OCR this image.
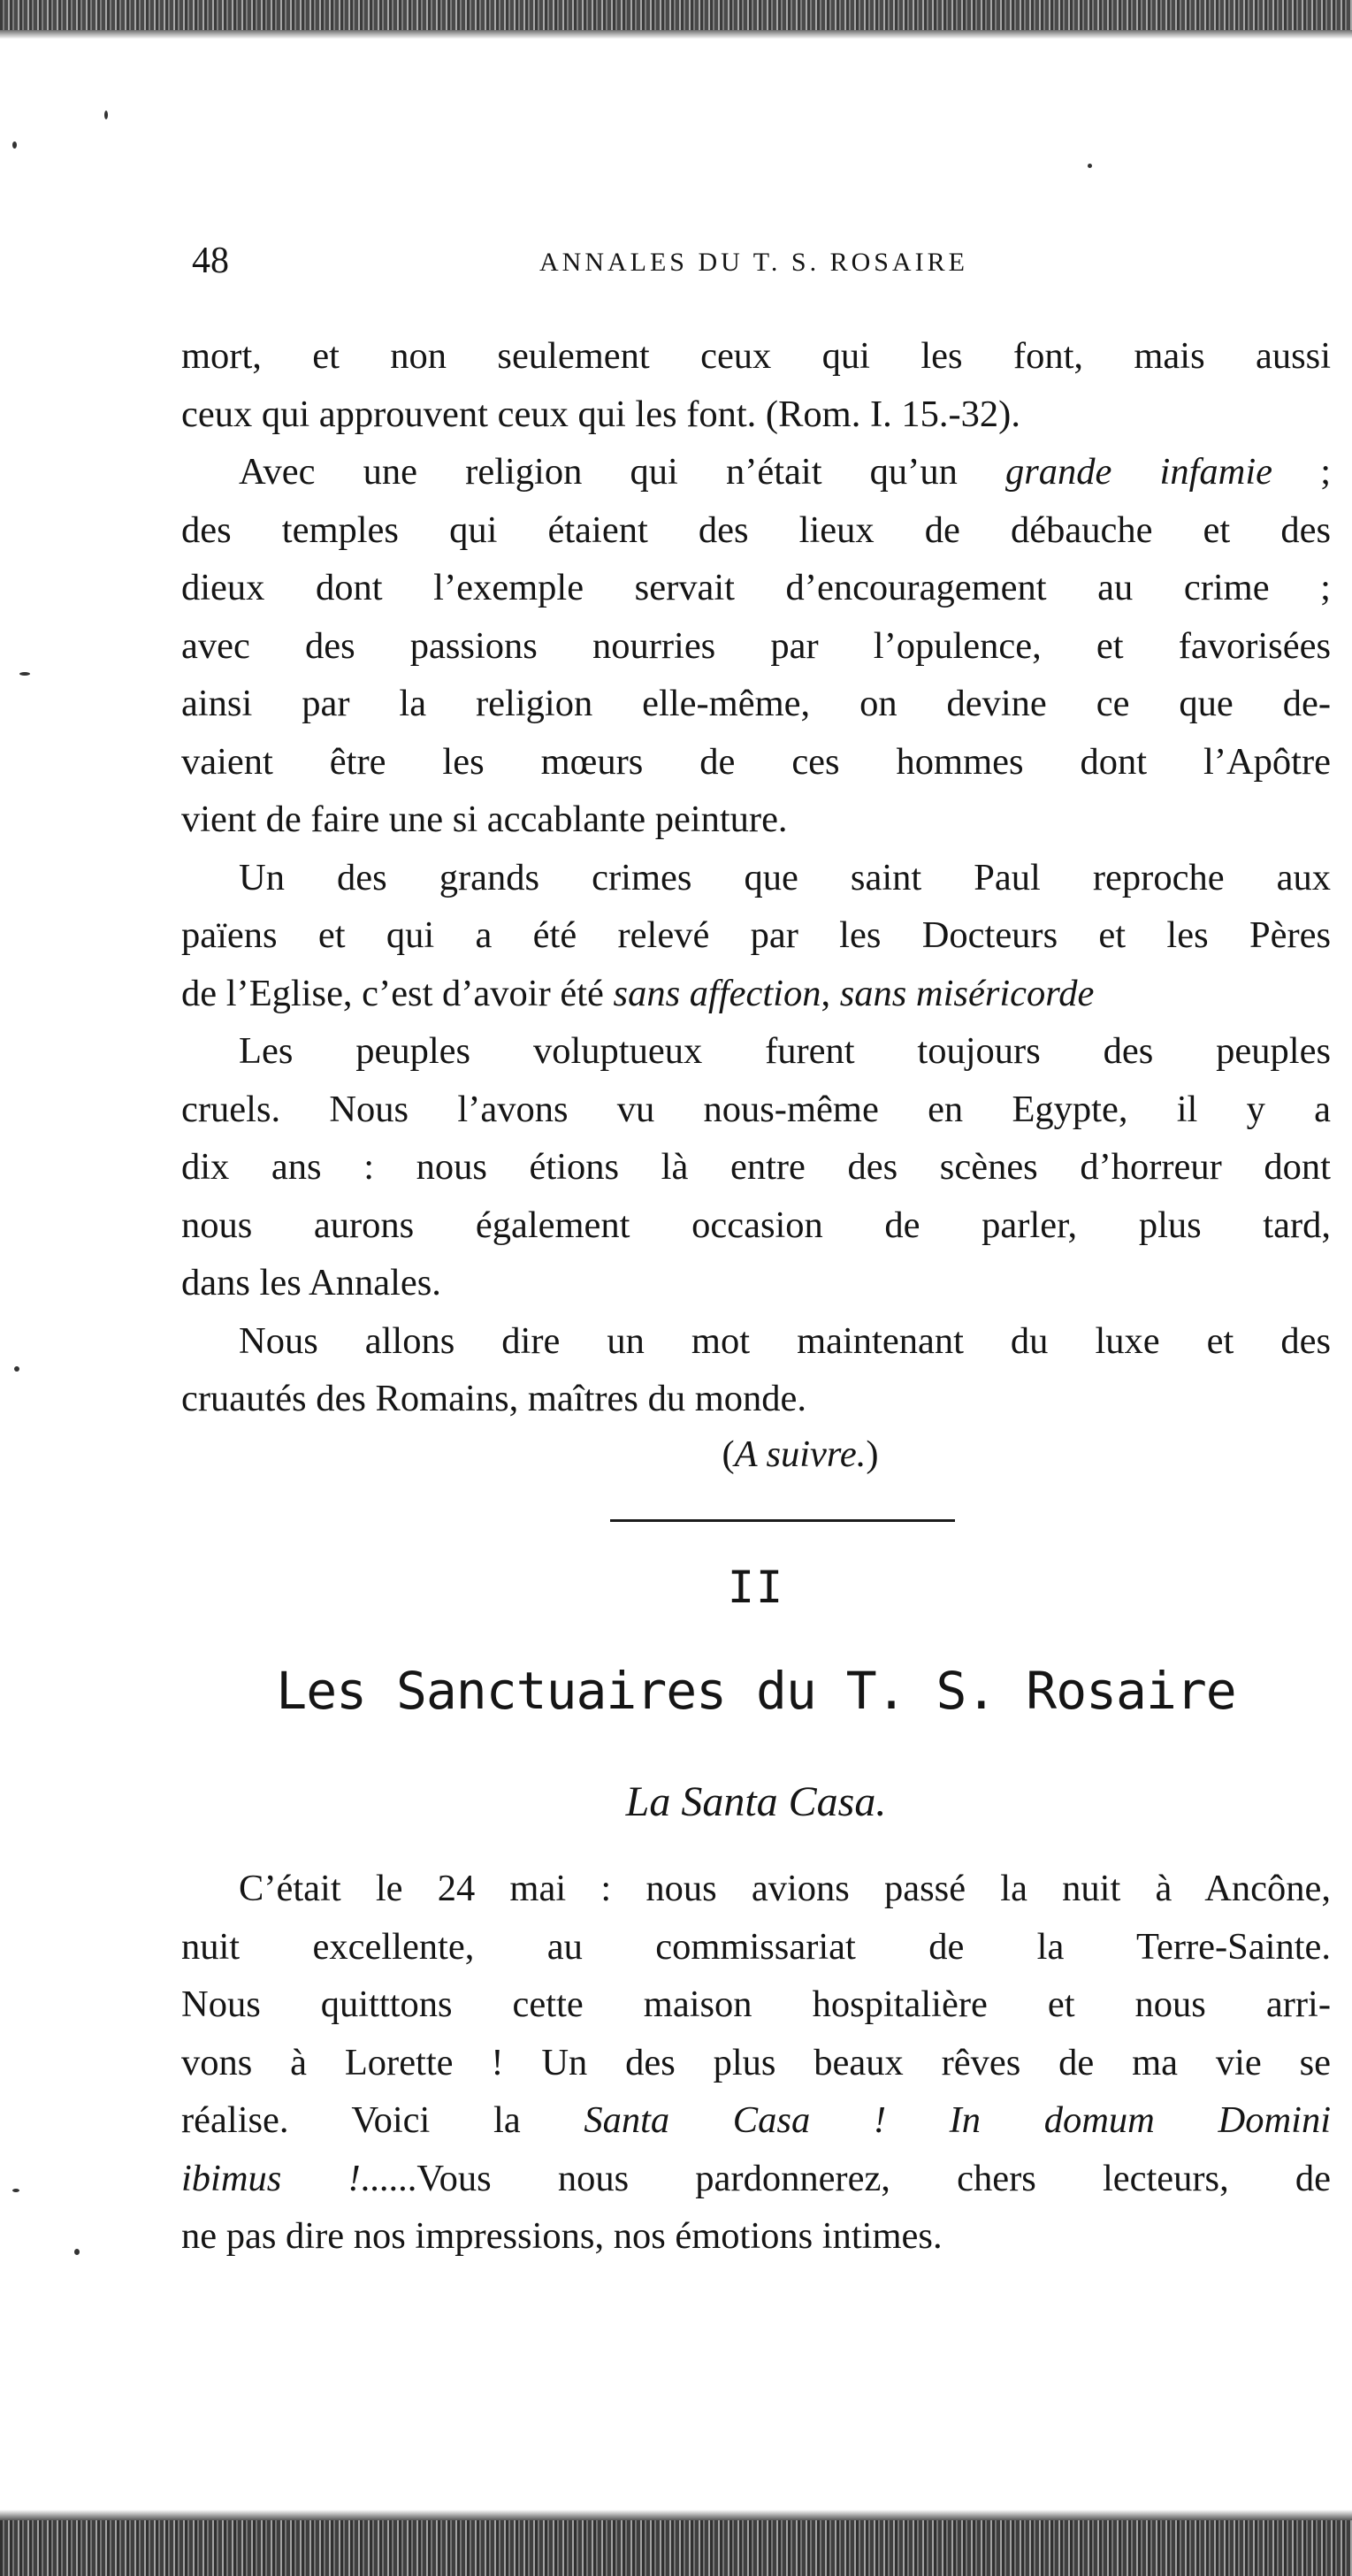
48	ANNALES DU T. S. ROSAIRE
mort, et non seulement ceux qui les font, mais aussi
ceux qui approuvent ceux qui les font. (Rom. I. 15.-32).
Avec une religion qui n’était qu’un grande infamie ;
des temples qui étaient des lieux de débauche et des
dieux dont l’exemple servait d’encouragement au crime ;
avec des passions nourries par l’opulence, et favorisées
ainsi par la religion elle-même, on devine ce que de-
vaient être les mœurs de ces hommes dont l’Apôtre
vient de faire une si accablante peinture.
Un des grands crimes que saint Paul reproche aux
païens et qui a été relevé par les Docteurs et les Pères
de l’Eglise, c’est d’avoir été sans affection, sans miséricorde
Les peuples voluptueux furent toujours des peuples
cruels. Nous l’avons vu nous-même en Egypte, il y a
dix ans : nous étions là entre des scènes d’horreur dont
nous aurons également occasion de parler, plus tard,
dans les Annales.
Nous allons dire un mot maintenant du luxe et des
cruautés des Romains, maîtres du monde.
(A suivre.)
II
Les Sanctuaires du T. S. Rosaire
La Santa Casa.
C’était le 24 mai : nous avions passé la nuit à Ancône,
nuit excellente, au commissariat de la Terre-Sainte.
Nous quitttons cette maison hospitalière et nous arri-
vons à Lorette ! Un des plus beaux rêves de ma vie se
réalise. Voici la Santa Casa ! In domum Domini
ibimus !......Vous nous pardonnerez, chers lecteurs, de
ne pas dire nos impressions, nos émotions intimes.
